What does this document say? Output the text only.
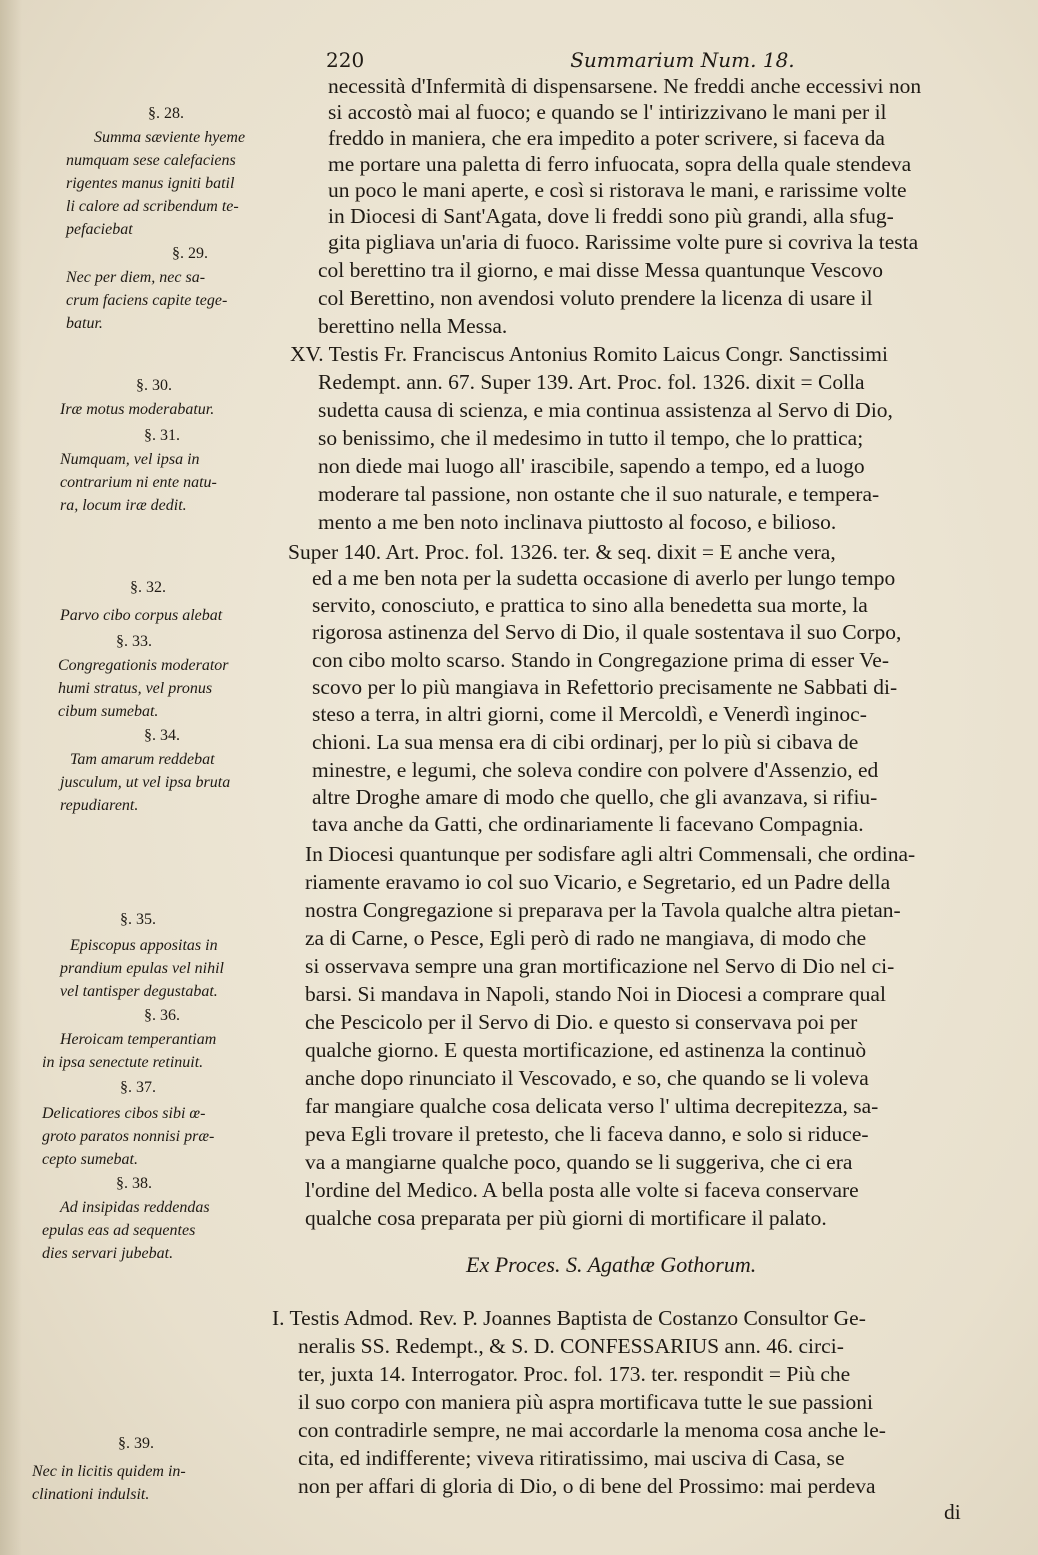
220	Summarium Num. 18.
necessità d'Infermità di dispensarsene. Ne freddi anche eccessivi non
si accostò mai al fuoco; e quando se l' intirizzivano le mani per il
freddo in maniera, che era impedito a poter scrivere, si faceva da
me portare una paletta di ferro infuocata, sopra della quale stendeva
un poco le mani aperte, e così si ristorava le mani, e rarissime volte
in Diocesi di Sant'Agata, dove li freddi sono più grandi, alla sfug-
gita pigliava un'aria di fuoco. Rarissime volte pure si covriva la testa
col berettino tra il giorno, e mai disse Messa quantunque Vescovo
col Berettino, non avendosi voluto prendere la licenza di usare il
berettino nella Messa.
XV. Testis Fr. Franciscus Antonius Romito Laicus Congr. Sanctissimi
Redempt. ann. 67. Super 139. Art. Proc. fol. 1326. dixit = Colla
sudetta causa di scienza, e mia continua assistenza al Servo di Dio,
so benissimo, che il medesimo in tutto il tempo, che lo prattica;
non diede mai luogo all' irascibile, sapendo a tempo, ed a luogo
moderare tal passione, non ostante che il suo naturale, e tempera-
mento a me ben noto inclinava piuttosto al focoso, e bilioso.
Super 140. Art. Proc. fol. 1326. ter. & seq. dixit = E anche vera,
ed a me ben nota per la sudetta occasione di averlo per lungo tempo
servito, conosciuto, e prattica to sino alla benedetta sua morte, la
rigorosa astinenza del Servo di Dio, il quale sostentava il suo Corpo,
con cibo molto scarso. Stando in Congregazione prima di esser Ve-
scovo per lo più mangiava in Refettorio precisamente ne Sabbati di-
steso a terra, in altri giorni, come il Mercoldì, e Venerdì inginoc-
chioni. La sua mensa era di cibi ordinarj, per lo più si cibava de
minestre, e legumi, che soleva condire con polvere d'Assenzio, ed
altre Droghe amare di modo che quello, che gli avanzava, si rifiu-
tava anche da Gatti, che ordinariamente li facevano Compagnia.
In Diocesi quantunque per sodisfare agli altri Commensali, che ordina-
riamente eravamo io col suo Vicario, e Segretario, ed un Padre della
nostra Congregazione si preparava per la Tavola qualche altra pietan-
za di Carne, o Pesce, Egli però di rado ne mangiava, di modo che
si osservava sempre una gran mortificazione nel Servo di Dio nel ci-
barsi. Si mandava in Napoli, stando Noi in Diocesi a comprare qual
che Pescicolo per il Servo di Dio. e questo si conservava poi per
qualche giorno. E questa mortificazione, ed astinenza la continuò
anche dopo rinunciato il Vescovado, e so, che quando se li voleva
far mangiare qualche cosa delicata verso l' ultima decrepitezza, sa-
peva Egli trovare il pretesto, che li faceva danno, e solo si riduce-
va a mangiarne qualche poco, quando se li suggeriva, che ci era
l'ordine del Medico. A bella posta alle volte si faceva conservare
qualche cosa preparata per più giorni di mortificare il palato.
I. Testis Admod. Rev. P. Joannes Baptista de Costanzo Consultor Ge-
neralis SS. Redempt., & S. D. CONFESSARIUS ann. 46. circi-
ter, juxta 14. Interrogator. Proc. fol. 173. ter. respondit = Più che
il suo corpo con maniera più aspra mortificava tutte le sue passioni
con contradirle sempre, ne mai accordarle la menoma cosa anche le-
cita, ed indifferente; viveva ritiratissimo, mai usciva di Casa, se
non per affari di gloria di Dio, o di bene del Prossimo: mai perdeva
di
Ex Proces. S. Agathæ Gothorum.
§. 28.
Summa sæviente hyeme
numquam sese calefaciens
rigentes manus igniti batil
li calore ad scribendum te-
pefaciebat
§. 29.
Nec per diem, nec sa-
crum faciens capite tege-
batur.
§. 30.
Iræ motus moderabatur.
§. 31.
Numquam, vel ipsa in
contrarium ni ente natu-
ra, locum iræ dedit.
§. 32.
Parvo cibo corpus alebat
§. 33.
Congregationis moderator
humi stratus, vel pronus
cibum sumebat.
§. 34.
Tam amarum reddebat
jusculum, ut vel ipsa bruta
repudiarent.
§. 35.
Episcopus appositas in
prandium epulas vel nihil
vel tantisper degustabat.
§. 36.
Heroicam temperantiam
in ipsa senectute retinuit.
§. 37.
Delicatiores cibos sibi œ-
groto paratos nonnisi præ-
cepto sumebat.
§. 38.
Ad insipidas reddendas
epulas eas ad sequentes
dies servari jubebat.
§. 39.
Nec in licitis quidem in-
clinationi indulsit.
